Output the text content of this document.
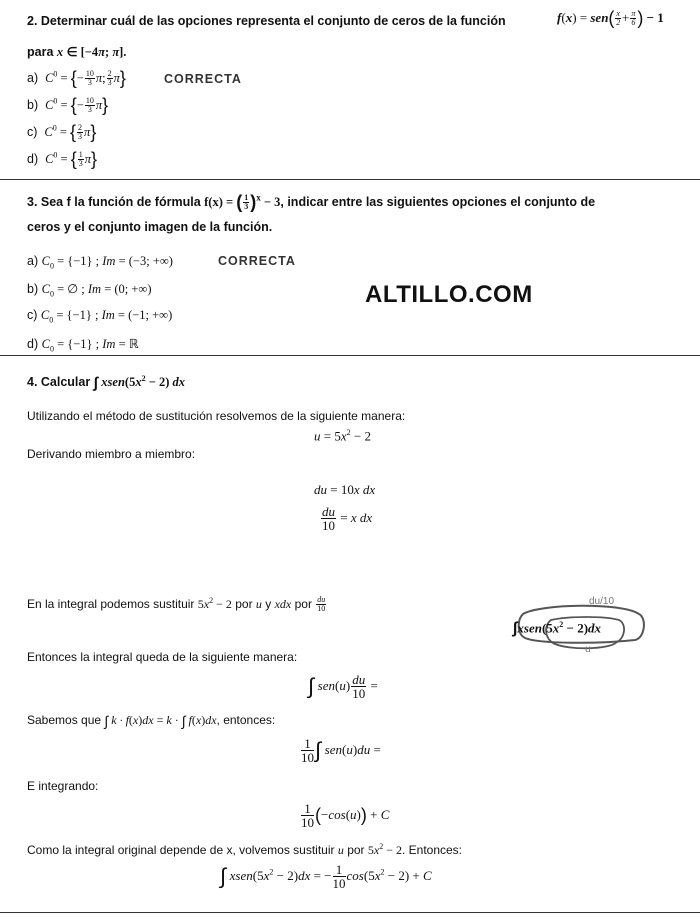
2. Determinar cuál de las opciones representa el conjunto de ceros de la función	$f(x) = sen( \frac{x}{2} + \frac{\pi}{6}$ ) − 1
para x ∈ [−4π; π].
a) $C^0$ = {− $\frac{10}{3} \pi$; $\frac{2}{3} \pi$}	CORRECTA
b) $C^0$ = {− $\frac{10}{3} \pi$}
c) $C^0$ = { $\frac{2}{3} \pi$}
d) $C^0$ = { $\frac{1}{3} \pi$}
3. Sea f la función de fórmula f(x) = ( $\frac{1}{3} )^x - 3$, indicar entre las siguientes opciones el conjunto de
ceros y el conjunto imagen de la función.
a) $C_0 = \{-1\}$ ; Im = (−3; +∞)	CORRECTA
b) $C_0$ = ∅ ; Im = (0; +∞)
c) $C_0 = \{-1\}$ ; Im = (−1; +∞)
d) $C_0 = \{-1\}$ ; Im = ℝ
ALTILLO.COM
4. Calcular ∫ $xsen(5x^2 - 2)$ dx
Utilizando el método de sustitución resolvemos de la siguiente manera:
$u = 5x^2 - 2$
Derivando miembro a miembro:
du = 10x dx
$\frac{du}{10} = x$ dx
En la integral podemos sustituir $5x^2 - 2$ por u y xdx por $\frac{du}{10}$	du/10
$\int xsen(5x^2 - 2)dx$
u
Entonces la integral queda de la siguiente manera:
∫ $sen(u) \frac{du}{10}$ =
Sabemos que ∫ k · f(x)dx = k · ∫ f(x)dx, entonces:
$\frac{1}{10}$ ∫ sen(u)du =
E integrando:
$\frac{1}{10} (-\cos(u)) + C$
Como la integral original depende de x, volvemos sustituir u por $5x^2 - 2$. Entonces:
∫ $xsen(5x^2 - 2)dx$ = − $\frac{1}{10} \cos(5x^2 - 2) + C$
